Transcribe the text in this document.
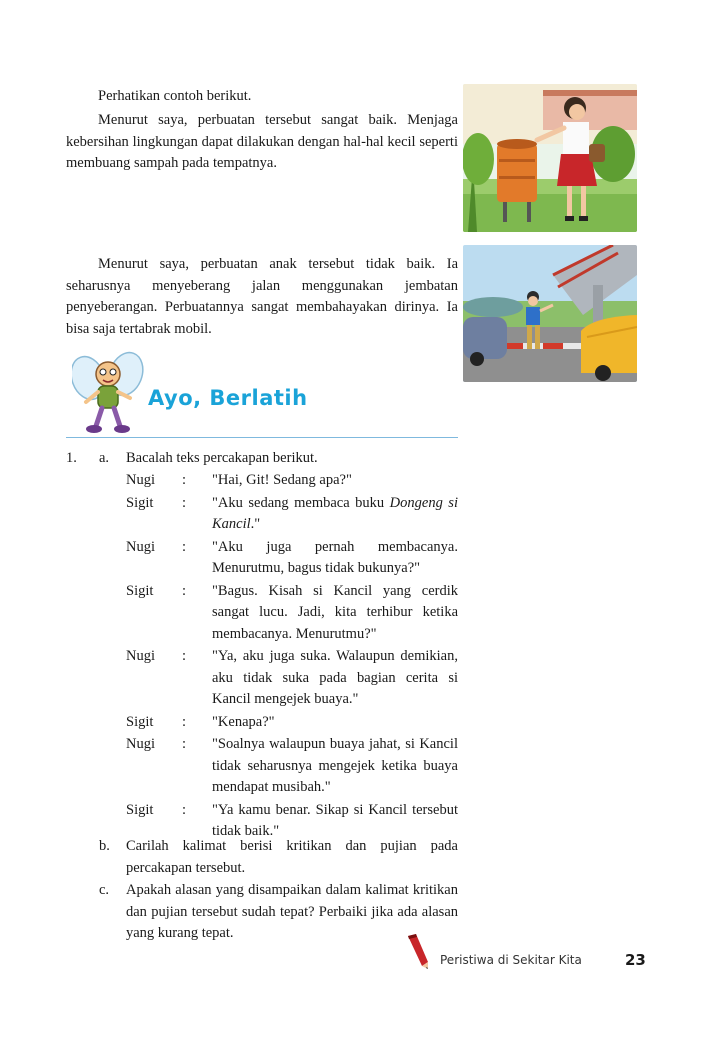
Perhatikan contoh berikut.
Menurut saya, perbuatan tersebut sangat baik. Menjaga kebersihan lingkungan dapat dilakukan dengan hal-hal kecil seperti membuang sampah pada tempatnya.
Menurut saya, perbuatan anak tersebut tidak baik. Ia seharusnya menyeberang jalan menggunakan jembatan penyeberangan. Perbuatannya sangat membahayakan dirinya. Ia bisa saja tertabrak mobil.
Ayo, Berlatih
1. a. Bacalah teks percakapan berikut.
Nugi	:	"Hai, Git! Sedang apa?"
Sigit	:	"Aku sedang membaca buku Dongeng si Kancil."
Nugi	:	"Aku juga pernah membacanya. Menurutmu, bagus tidak bukunya?"
Sigit	:	"Bagus. Kisah si Kancil yang cerdik sangat lucu. Jadi, kita terhibur ketika membacanya. Menurutmu?"
Nugi	:	"Ya, aku juga suka. Walaupun demikian, aku tidak suka pada bagian cerita si Kancil mengejek buaya."
Sigit	:	"Kenapa?"
Nugi	:	"Soalnya walaupun buaya jahat, si Kancil tidak seharusnya mengejek ketika buaya mendapat musibah."
Sigit	:	"Ya kamu benar. Sikap si Kancil tersebut tidak baik."
b. Carilah kalimat berisi kritikan dan pujian pada percakapan tersebut.
c. Apakah alasan yang disampaikan dalam kalimat kritikan dan pujian tersebut sudah tepat? Perbaiki jika ada alasan yang kurang tepat.
Peristiwa di Sekitar Kita	23
